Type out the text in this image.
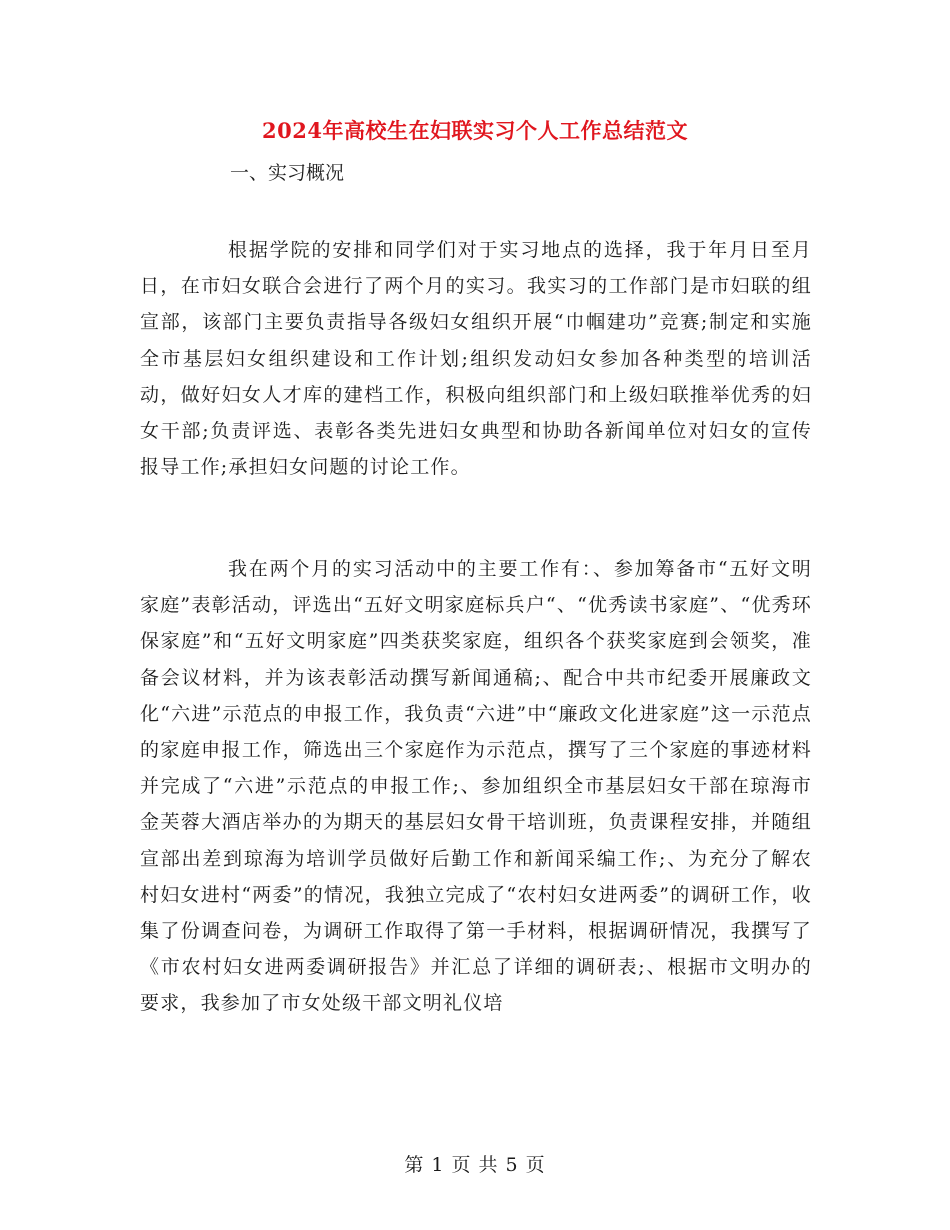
2024年高校生在妇联实习个人工作总结范文
一、实习概况

根据学院的安排和同学们对于实习地点的选择，我于年月日至月日，在市妇女联合会进行了两个月的实习。我实习的工作部门是市妇联的组宣部，该部门主要负责指导各级妇女组织开展“巾帼建功”竞赛;制定和实施全市基层妇女组织建设和工作计划;组织发动妇女参加各种类型的培训活动，做好妇女人才库的建档工作，积极向组织部门和上级妇联推举优秀的妇女干部;负责评选、表彰各类先进妇女典型和协助各新闻单位对妇女的宣传报导工作;承担妇女问题的讨论工作。

我在两个月的实习活动中的主要工作有：、参加筹备市“五好文明家庭”表彰活动，评选出“五好文明家庭标兵户“、“优秀读书家庭”、“优秀环保家庭”和“五好文明家庭”四类获奖家庭，组织各个获奖家庭到会领奖，准备会议材料，并为该表彰活动撰写新闻通稿;、配合中共市纪委开展廉政文化“六进”示范点的申报工作，我负责“六进”中“廉政文化进家庭”这一示范点的家庭申报工作，筛选出三个家庭作为示范点，撰写了三个家庭的事迹材料并完成了“六进”示范点的申报工作;、参加组织全市基层妇女干部在琼海市金芙蓉大酒店举办的为期天的基层妇女骨干培训班，负责课程安排，并随组宣部出差到琼海为培训学员做好后勤工作和新闻采编工作;、为充分了解农村妇女进村“两委”的情况，我独立完成了“农村妇女进两委”的调研工作，收集了份调查问卷，为调研工作取得了第一手材料，根据调研情况，我撰写了《市农村妇女进两委调研报告》并汇总了详细的调研表;、根据市文明办的要求，我参加了市女处级干部文明礼仪培

第 1 页 共 5 页
